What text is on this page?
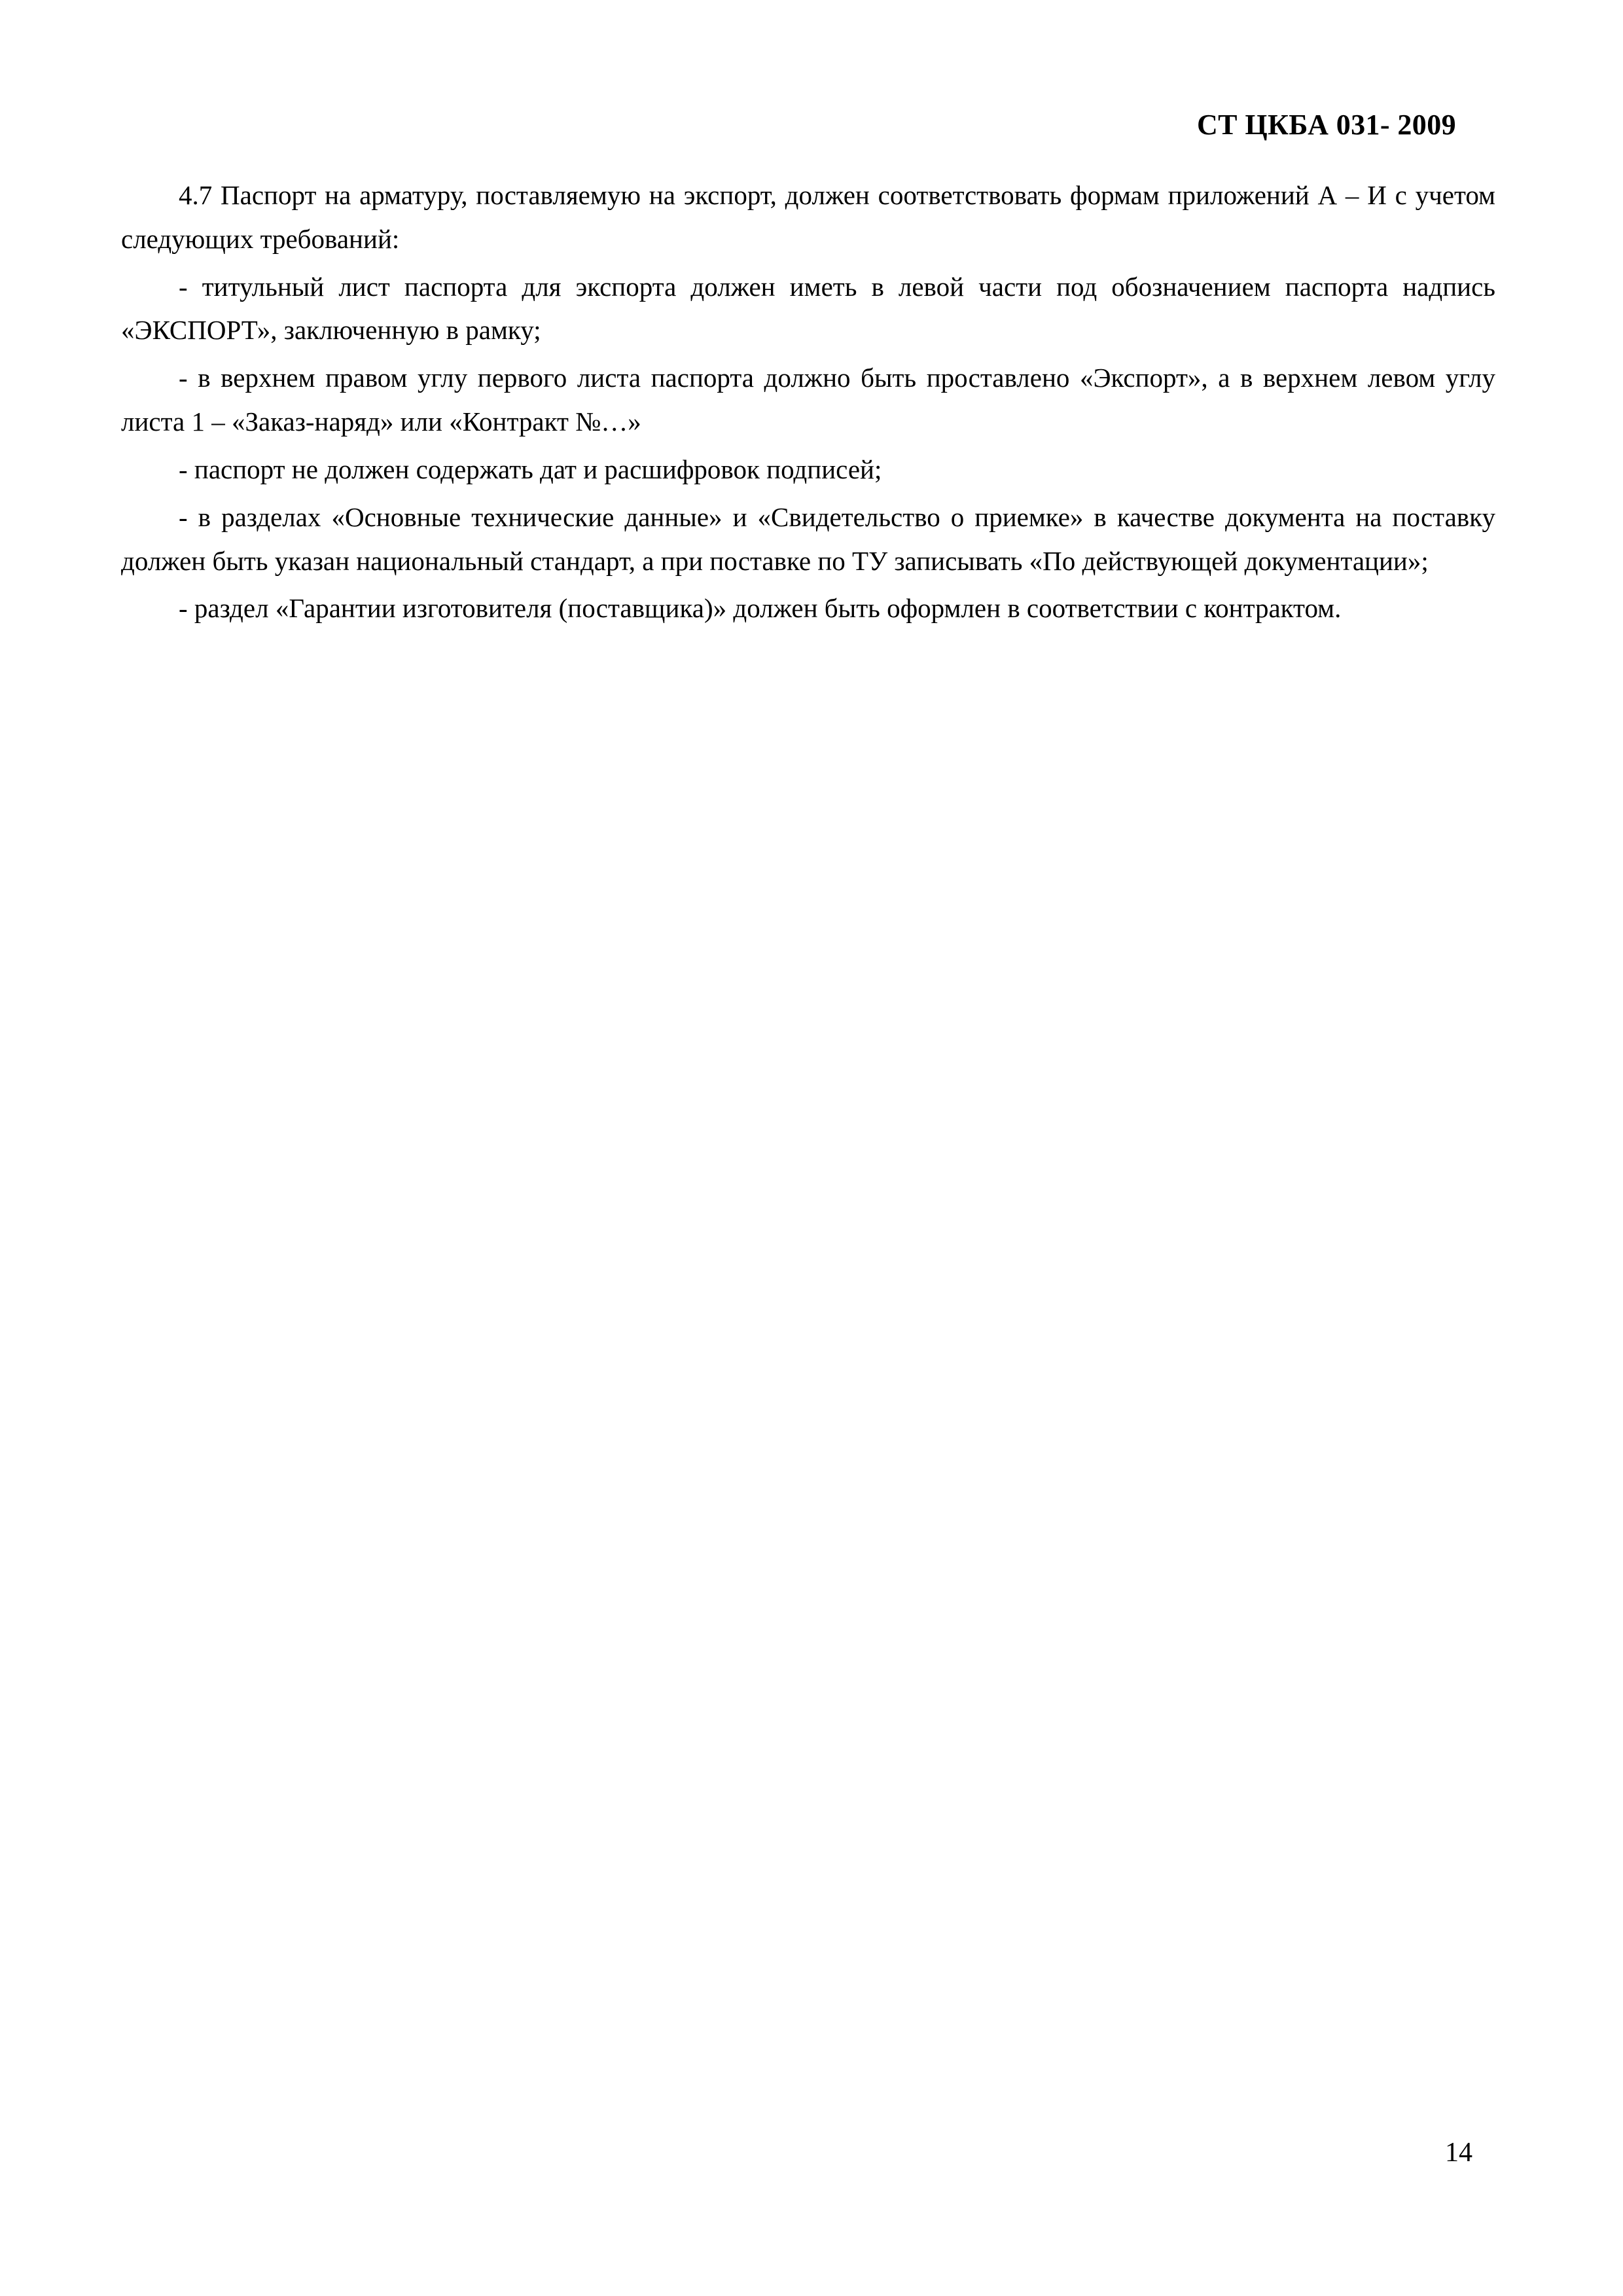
СТ ЦКБА 031- 2009

4.7 Паспорт на арматуру, поставляемую на экспорт, должен соответствовать формам приложений А – И с учетом следующих требований:

- титульный лист паспорта для экспорта должен иметь в левой части под обозначением паспорта надпись «ЭКСПОРТ», заключенную в рамку;

- в верхнем правом углу первого листа паспорта должно быть проставлено «Экспорт», а в верхнем левом углу листа 1 – «Заказ-наряд» или «Контракт №…»

- паспорт не должен содержать дат и расшифровок подписей;

- в разделах «Основные технические данные» и «Свидетельство о приемке» в качестве документа на поставку должен быть указан национальный стандарт, а при поставке по ТУ записывать «По действующей документации»;

- раздел «Гарантии изготовителя (поставщика)» должен быть оформлен в соответствии с контрактом.

14
